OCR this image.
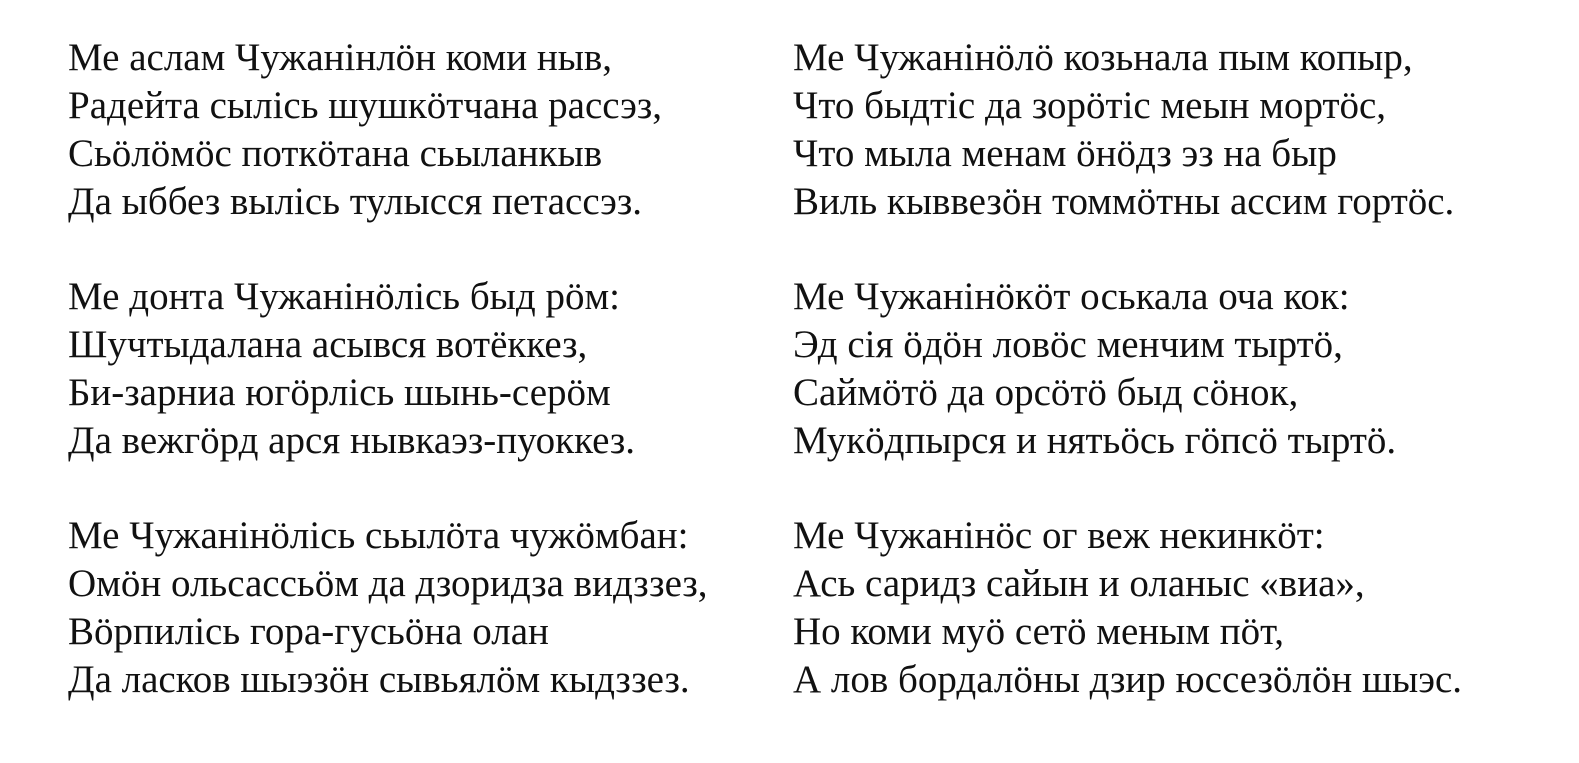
Ме аслам Чужанінлӧн коми ныв,
Радейта сылісь шушкӧтчана рассэз,
Сьӧлӧмӧс поткӧтана сьыланкыв
Да ыббез вылісь тулысся петассэз.
Ме донта Чужанінӧлісь быд рӧм:
Шучтыдалана асывся вотёккез,
Би-зарниа югӧрлісь шынь-серӧм
Да вежгӧрд арся нывкаэз-пуоккез.
Ме Чужанінӧлісь сьылӧта чужӧмбан:
Омӧн ольсассьӧм да дзоридза видззез,
Вӧрпилісь гора-гусьӧна олан
Да ласков шыэзӧн сывьялӧм кыдззез.
Ме Чужанінӧлӧ козьнала пым копыр,
Что быдтіс да зорӧтіс меын мортӧс,
Что мыла менам ӧнӧдз эз на быр
Виль кыввезӧн томмӧтны ассим гортӧс.
Ме Чужанінӧкӧт оськала оча кок:
Эд сія ӧдӧн ловӧс менчим тыртӧ,
Саймӧтӧ да орсӧтӧ быд сӧнок,
Мукӧдпырся и нятьӧсь гӧпсӧ тыртӧ.
Ме Чужанінӧс ог веж некинкӧт:
Ась саридз сайын и оланыс «виа»,
Но коми муӧ сетӧ меным пӧт,
А лов бордалӧны дзир юссезӧлӧн шыэс.
